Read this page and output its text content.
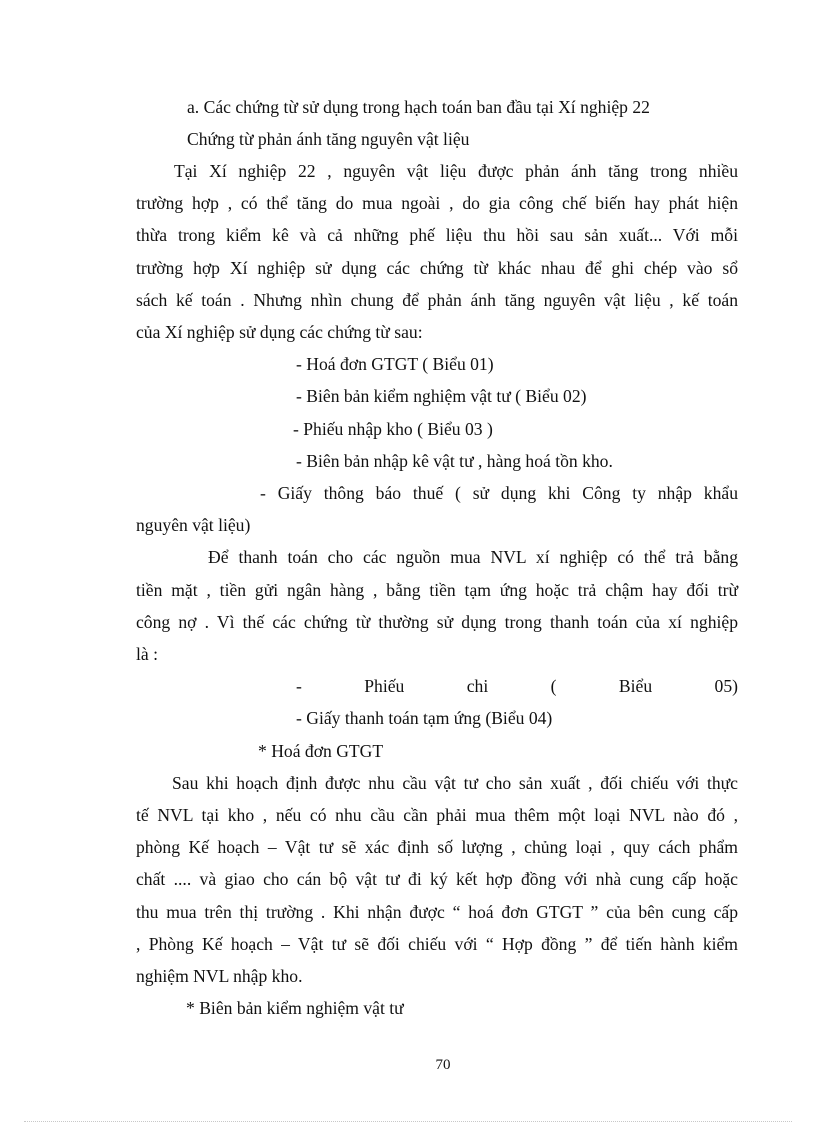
a. Các chứng từ sử dụng trong hạch toán ban đầu tại Xí nghiệp 22
Chứng từ phản ánh tăng nguyên vật liệu
Tại Xí nghiệp 22 , nguyên vật liệu được phản ánh tăng trong nhiều
trường hợp , có thể tăng do mua ngoài , do gia công chế biến hay phát hiện
thừa trong kiểm kê và cả những phế liệu thu hồi sau sản xuất... Với mỗi
trường hợp Xí nghiệp sử dụng các chứng từ khác nhau để ghi chép vào sổ
sách kế toán . Nhưng nhìn chung để phản ánh tăng nguyên vật liệu , kế toán
của Xí nghiệp sử dụng các chứng từ sau:
- Hoá đơn GTGT ( Biểu 01)
- Biên bản kiểm nghiệm vật tư ( Biểu 02)
- Phiếu nhập kho ( Biểu 03 )
- Biên bản nhập kê vật tư , hàng hoá tồn kho.
- Giấy thông báo thuế ( sử dụng khi Công ty nhập khẩu
nguyên vật liệu)
Để thanh toán cho các nguồn mua NVL xí nghiệp có thể trả bằng
tiền mặt , tiền gửi ngân hàng , bằng tiền tạm ứng hoặc trả chậm hay đối trừ
công nợ . Vì thế các chứng từ thường sử dụng trong thanh toán của xí nghiệp
là :
- Phiếu chi ( Biểu 05)
- Giấy thanh toán tạm ứng (Biểu 04)
* Hoá đơn GTGT
Sau khi hoạch định được nhu cầu vật tư cho sản xuất , đối chiếu với thực
tế NVL tại kho , nếu có nhu cầu cần phải mua thêm một loại NVL nào đó ,
phòng Kế hoạch – Vật tư sẽ xác định số lượng , chủng loại , quy cách phẩm
chất .... và giao cho cán bộ vật tư đi ký kết hợp đồng với nhà cung cấp hoặc
thu mua trên thị trường . Khi nhận được “ hoá đơn GTGT ” của bên cung cấp
, Phòng Kế hoạch – Vật tư sẽ đối chiếu với “ Hợp đồng ” để tiến hành kiểm
nghiệm NVL nhập kho.
* Biên bản kiểm nghiệm vật tư
70
